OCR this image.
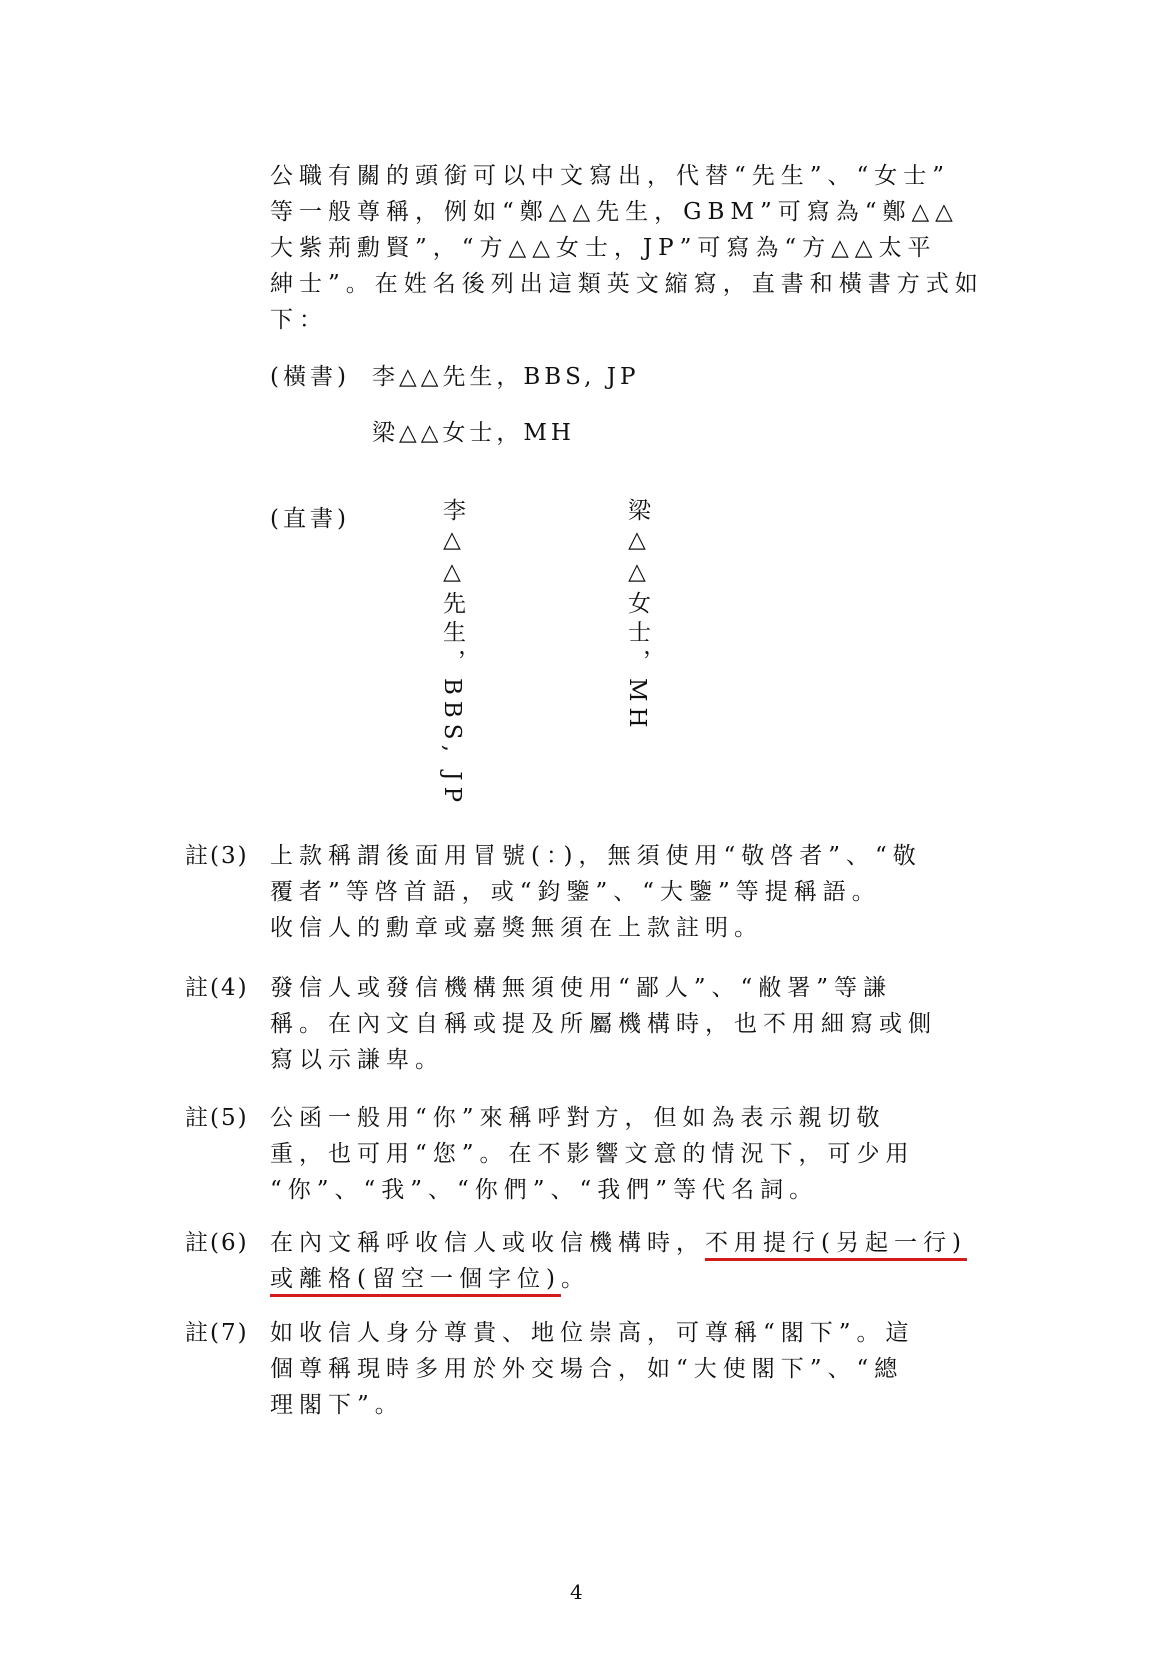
公職有關的頭銜可以中文寫出，代替“先生”、“女士”
等一般尊稱，例如“鄭△△先生，GBM”可寫為“鄭△△
大紫荊勳賢”，“方△△女士，JP”可寫為“方△△太平
紳士”。在姓名後列出這類英文縮寫，直書和橫書方式如
下：
(橫書) 李△△先生，BBS, JP
梁△△女士，MH
(直書)	李△△先生，BBS, JP	梁△△女士，MH
註(3) 上款稱謂後面用冒號(：)，無須使用“敬啓者”、“敬
覆者”等啓首語，或“鈞鑒”、“大鑒”等提稱語。
收信人的勳章或嘉獎無須在上款註明。
註(4) 發信人或發信機構無須使用“鄙人”、“敝署”等謙
稱。在內文自稱或提及所屬機構時，也不用細寫或側
寫以示謙卑。
註(5) 公函一般用“你”來稱呼對方，但如為表示親切敬
重，也可用“您”。在不影響文意的情況下，可少用
“你”、“我”、“你們”、“我們”等代名詞。
註(6) 在內文稱呼收信人或收信機構時，不用提行(另起一行)
或離格(留空一個字位)。
註(7) 如收信人身分尊貴、地位崇高，可尊稱“閣下”。這
個尊稱現時多用於外交場合，如“大使閣下”、“總
理閣下”。
4
